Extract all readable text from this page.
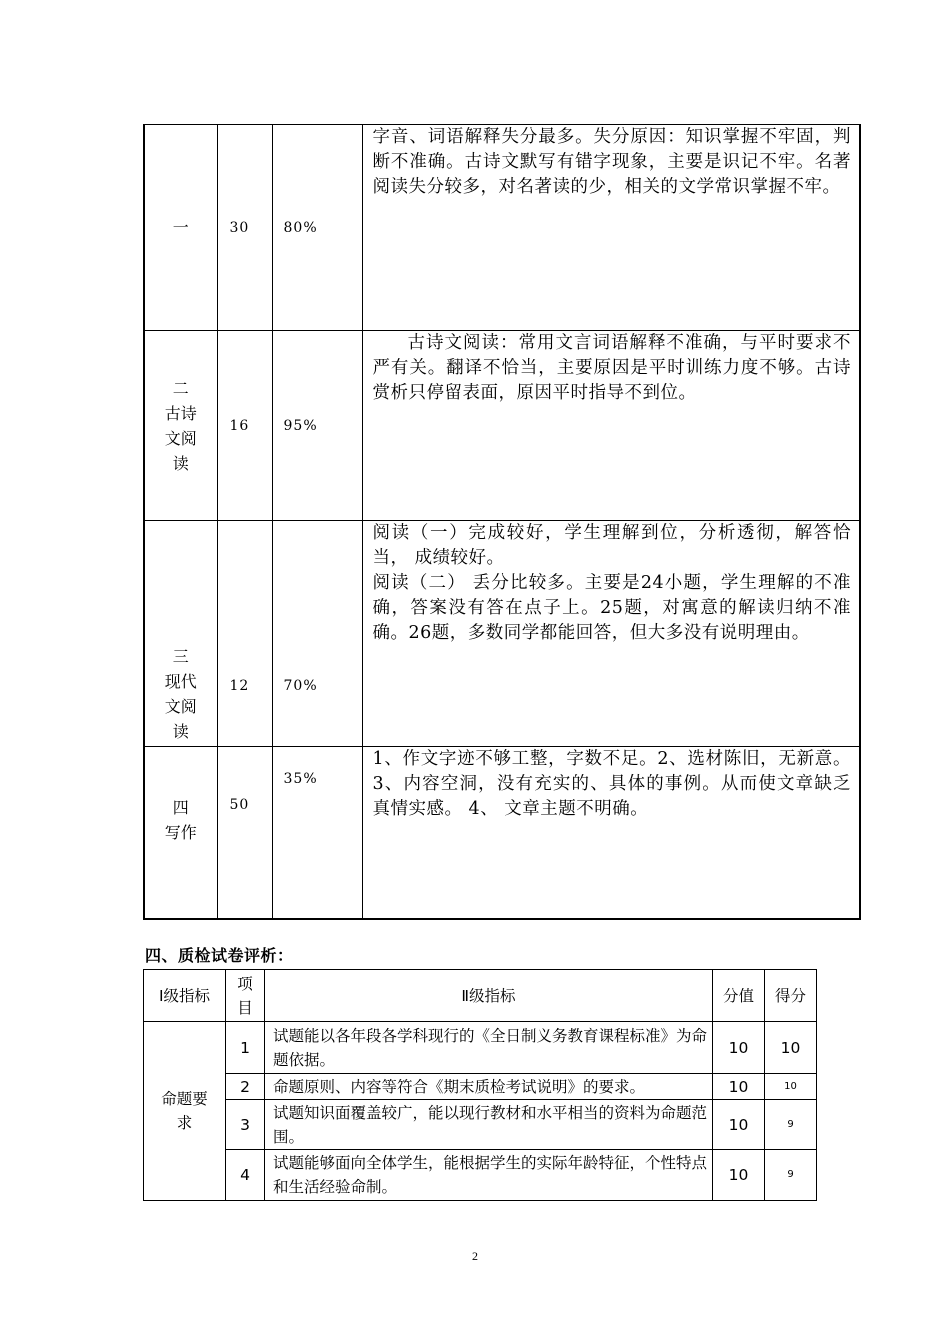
一	30	80%	字音、词语解释失分最多。失分原因：知识掌握不牢固，判断不准确。古诗文默写有错字现象，主要是识记不牢。名著阅读失分较多，对名著读的少，相关的文学常识掌握不牢。

二
古诗
文阅
读	16	95%	古诗文阅读：常用文言词语解释不准确，与平时要求不严有关。翻译不恰当，主要原因是平时训练力度不够。古诗赏析只停留表面，原因平时指导不到位。

三
现代
文阅
读	12	70%	阅读（一）完成较好，学生理解到位，分析透彻，解答恰当， 成绩较好。
阅读（二） 丢分比较多。主要是24小题，学生理解的不准确，答案没有答在点子上。25题，对寓意的解读归纳不准确。26题，多数同学都能回答，但大多没有说明理由。

四
写作	50	35%	1、作文字迹不够工整，字数不足。2、选材陈旧，无新意。3、内容空洞，没有充实的、具体的事例。从而使文章缺乏真情实感。 4、 文章主题不明确。
四、质检试卷评析：
Ⅰ级指标	项目	Ⅱ级指标	分值	得分
命题要求	1	试题能以各年段各学科现行的《全日制义务教育课程标准》为命题依据。	10	10
	2	命题原则、内容等符合《期末质检考试说明》的要求。	10	10
	3	试题知识面覆盖较广，能以现行教材和水平相当的资料为命题范围。	10	9
	4	试题能够面向全体学生，能根据学生的实际年龄特征，个性特点和生活经验命制。	10	9
2
